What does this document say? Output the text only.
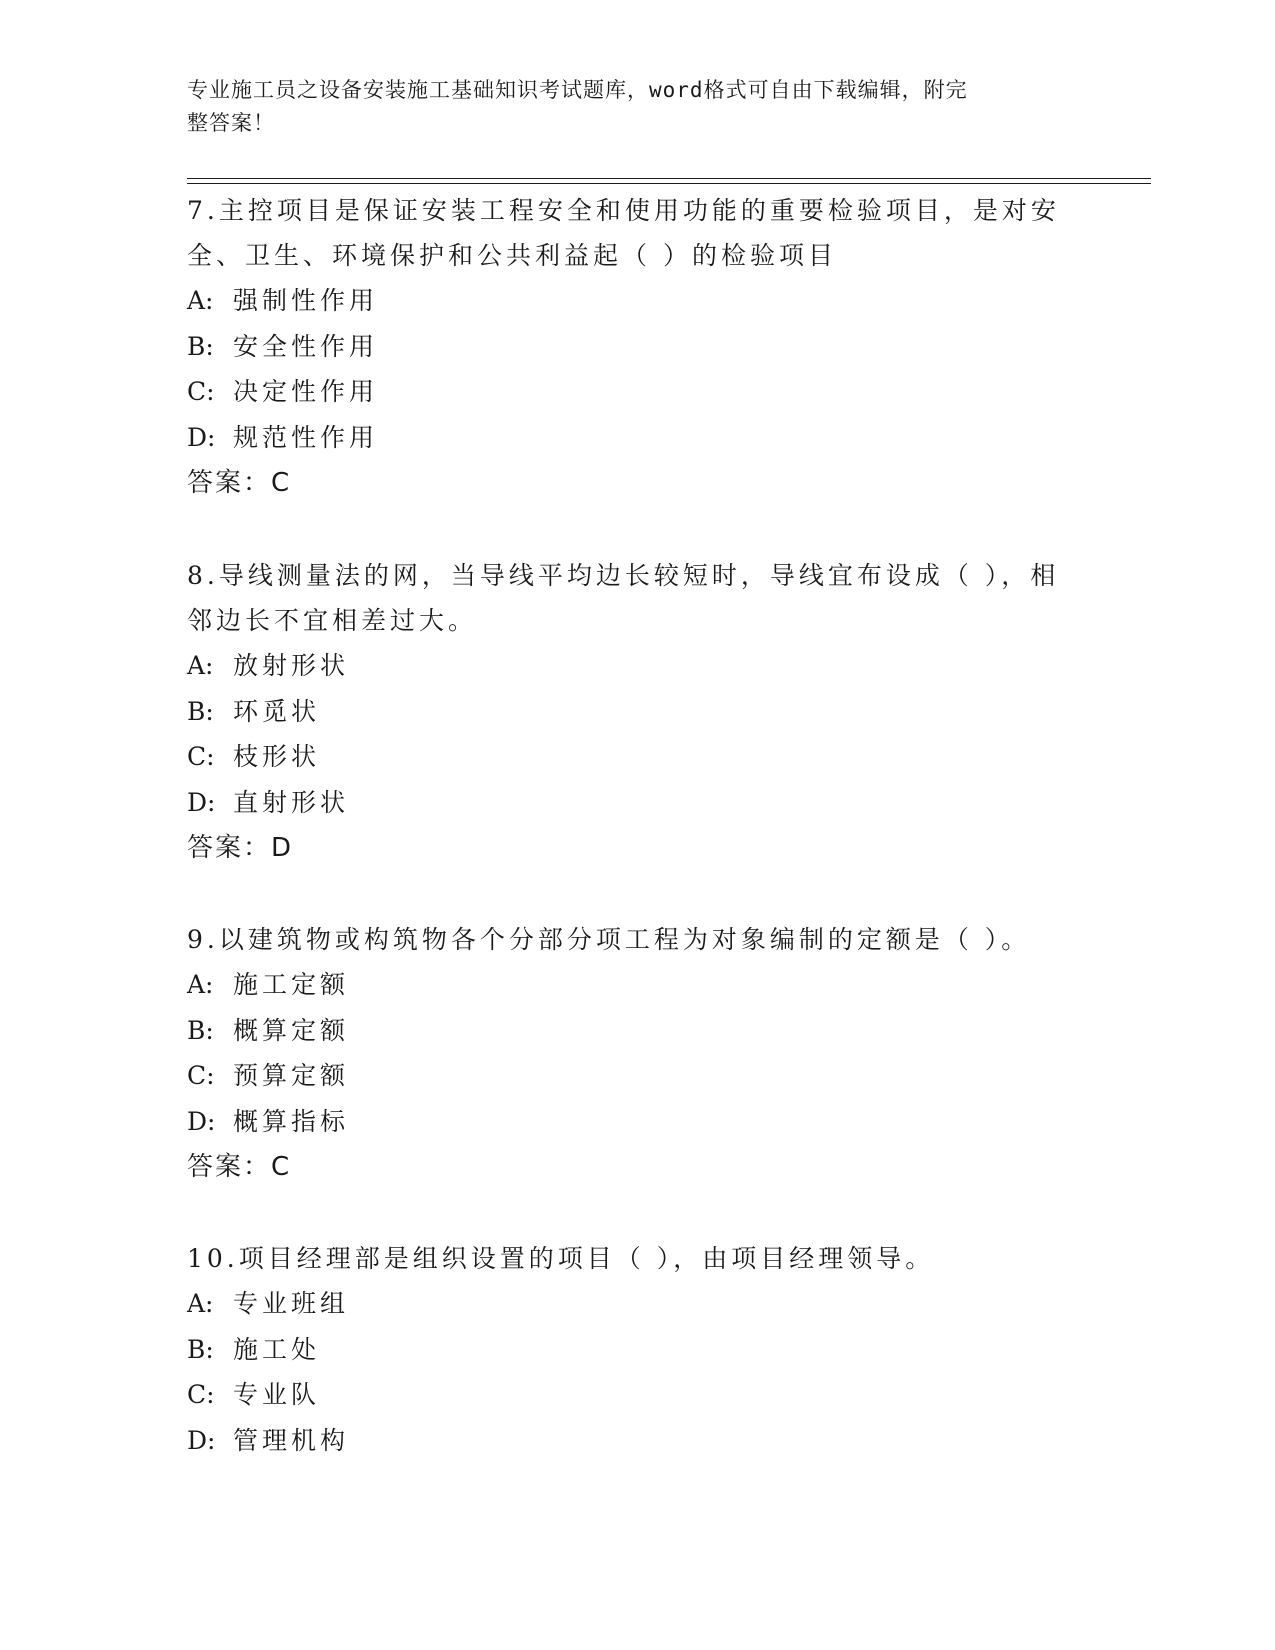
专业施工员之设备安装施工基础知识考试题库，word格式可自由下载编辑，附完
整答案！

7.主控项目是保证安装工程安全和使用功能的重要检验项目，是对安

全、卫生、环境保护和公共利益起（ ）的检验项目

A: 强制性作用

B: 安全性作用

C: 决定性作用

D: 规范性作用

答案：C

8.导线测量法的网，当导线平均边长较短时，导线宜布设成（ ），相

邻边长不宜相差过大。

A: 放射形状

B: 环觅状

C: 枝形状

D: 直射形状

答案：D

9.以建筑物或构筑物各个分部分项工程为对象编制的定额是（ ）。

A: 施工定额

B: 概算定额

C: 预算定额

D: 概算指标

答案：C

10.项目经理部是组织设置的项目（ ），由项目经理领导。

A: 专业班组

B: 施工处

C: 专业队

D: 管理机构
